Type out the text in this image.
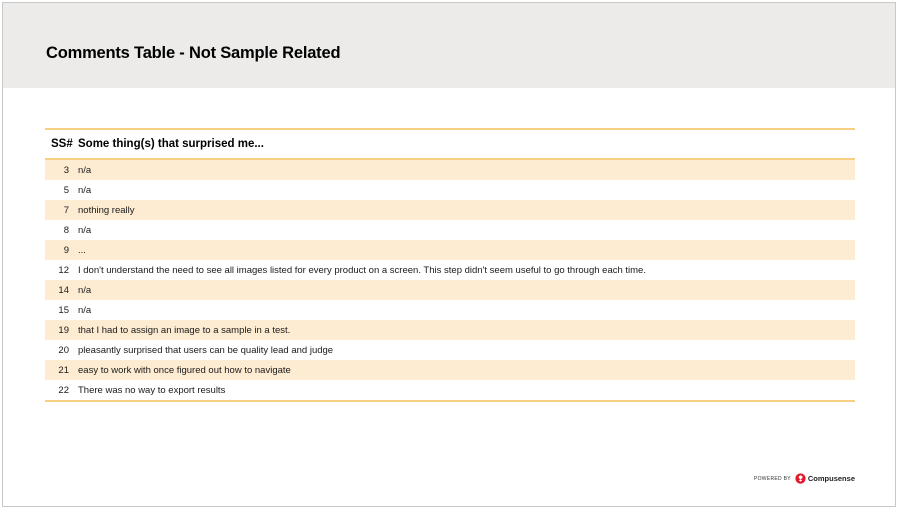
Comments Table - Not Sample Related
SS# Some thing(s) that surprised me...
3 n/a
5 n/a
7 nothing really
8 n/a
9 ...
12 I don't understand the need to see all images listed for every product on a screen. This step didn't seem useful to go through each time.
14 n/a
15 n/a
19 that I had to assign an image to a sample in a test.
20 pleasantly surprised that users can be quality lead and judge
21 easy to work with once figured out how to navigate
22 There was no way to export results
POWERED BY Compusense
